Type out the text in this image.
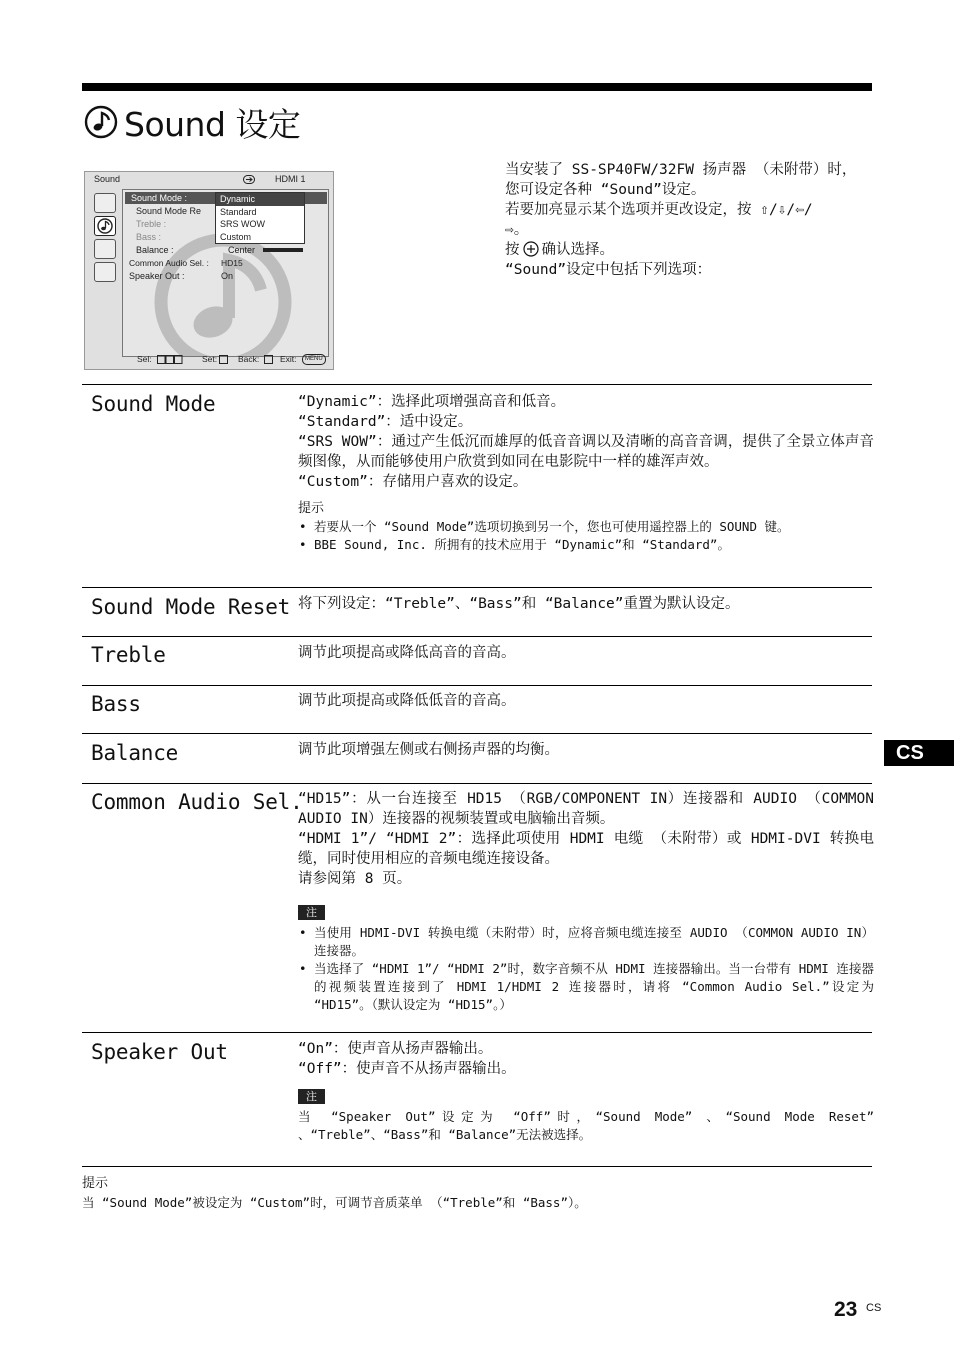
Sound 设定
Sound	HDMI 1
Sound Mode :
Sound Mode Re
Treble :
Bass :
Balance :	Center
Common Audio Sel. : HD15
Speaker Out :	On
Dynamic
Standard
SRS WOW
Custom
Sel:	Set: Back: Exit:	MENU

当安装了 SS-SP40FW/32FW 扬声器 （未附带）时，

您可设定各种 “Sound”设定。

若要加亮显示某个选项并更改设定，按 ⇧/⇩/⇦/

⇨。

按 确认选择。

“Sound”设定中包括下列选项：

Sound Mode	“Dynamic”：选择此项增强高音和低音。

“Standard”：适中设定。

“SRS WOW”：通过产生低沉而雄厚的低音音调以及清晰的高音音调，提供了全景立体声音频图像，从而能够使用户欣赏到如同在电影院中一样的雄浑声效。

“Custom”：存储用户喜欢的设定。

提示
• 若要从一个 “Sound Mode”选项切换到另一个，您也可使用遥控器上的 SOUND 键。
• BBE Sound, Inc. 所拥有的技术应用于 “Dynamic”和 “Standard”。
Sound Mode Reset 将下列设定：“Treble”、“Bass”和 “Balance”重置为默认设定。

Treble	调节此项提高或降低高音的音高。

Bass	调节此项提高或降低低音的音高。

Balance	调节此项增强左侧或右侧扬声器的均衡。

Common Audio Sel.

“HD15”：从一台连接至 HD15 （RGB/COMPONENT IN）连接器和 AUDIO （COMMON AUDIO IN）连接器的视频装置或电脑输出音频。

“HDMI 1”/ “HDMI 2”：选择此项使用 HDMI 电缆 （未附带）或 HDMI-DVI 转换电缆，同时使用相应的音频电缆连接设备。

请参阅第 8 页。

注
• 当使用 HDMI-DVI 转换电缆（未附带）时，应将音频电缆连接至 AUDIO （COMMON AUDIO IN）连接器。
• 当选择了 “HDMI 1”/ “HDMI 2”时，数字音频不从 HDMI 连接器输出。当一台带有 HDMI 连接器的视频装置连接到了 HDMI 1/HDMI 2 连接器时，请将 “Common Audio Sel.”设定为 “HD15”。（默认设定为 “HD15”。）
Speaker Out	“On”：使声音从扬声器输出。

“Off”：使声音不从扬声器输出。

注

当 “Speaker Out”设定为 “Off”时，“Sound Mode” 、“Sound Mode Reset” 、“Treble”、“Bass”和 “Balance”无法被选择。

提示
当 “Sound Mode”被设定为 “Custom”时，可调节音质菜单 （“Treble”和 “Bass”）。
CS
23 CS
